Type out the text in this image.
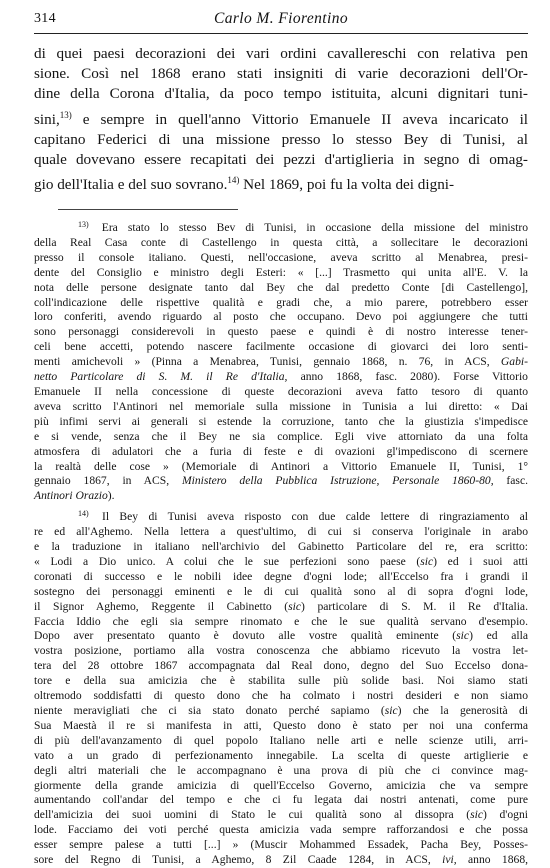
314	Carlo M. Fiorentino
di quei paesi decorazioni dei vari ordini cavallereschi con relativa pen
sione. Così nel 1868 erano stati insigniti di varie decorazioni dell'Or-
dine della Corona d'Italia, da poco tempo istituita, alcuni dignitari tuni-
sini,$^{13)}$ e sempre in quell'anno Vittorio Emanuele II aveva incaricato il
capitano Federici di una missione presso lo stesso Bey di Tunisi, al
quale dovevano essere recapitati dei pezzi d'artiglieria in segno di omag-
gio dell'Italia e del suo sovrano.$^{14)}$ Nel 1869, poi fu la volta dei digni-
$^{13)}$ Era stato lo stesso Bev di Tunisi, in occasione della missione del ministro
della Real Casa conte di Castellengo in questa città, a sollecitare le decorazioni
presso il console italiano. Questi, nell'occasione, aveva scritto al Menabrea, presi-
dente del Consiglio e ministro degli Esteri: « [...] Trasmetto qui unita all'E. V. la
nota delle persone designate tanto dal Bey che dal predetto Conte [di Castellengo],
coll'indicazione delle rispettive qualità e gradi che, a mio parere, potrebbero esser
loro conferiti, avendo riguardo al posto che occupano. Devo poi aggiungere che tutti
sono personaggi considerevoli in questo paese e quindi è di nostro interesse tener-
celi bene accetti, potendo nascere facilmente occasione di giovarci dei loro senti-
menti amichevoli » (Pinna a Menabrea, Tunisi, gennaio 1868, n. 76, in ACS, Gabi-
netto Particolare di S. M. il Re d'Italia, anno 1868, fasc. 2080). Forse Vittorio
Emanuele II nella concessione di queste decorazioni aveva fatto tesoro di quanto
aveva scritto l'Antinori nel memoriale sulla missione in Tunisia a lui diretto: « Dai
più infimi servi ai generali si estende la corruzione, tanto che la giustizia s'impedisce
e si vende, senza che il Bey ne sia complice. Egli vive attorniato da una folta
atmosfera di adulatori che a furia di feste e di ovazioni gl'impediscono di scernere
la realtà delle cose » (Memoriale di Antinori a Vittorio Emanuele II, Tunisi, 1°
gennaio 1867, in ACS, Ministero della Pubblica Istruzione, Personale 1860-80, fasc.
Antinori Orazio).
$^{14)}$ Il Bey di Tunisi aveva risposto con due calde lettere di ringraziamento al
re ed all'Aghemo. Nella lettera a quest'ultimo, di cui si conserva l'originale in arabo
e la traduzione in italiano nell'archivio del Gabinetto Particolare del re, era scritto:
« Lodi a Dio unico. A colui che le sue perfezioni sono paese (sic) ed i suoi atti
coronati di successo e le nobili idee degne d'ogni lode; all'Eccelso fra i grandi il
sostegno dei personaggi eminenti e le di cui qualità sono al di sopra d'ogni lode,
il Signor Aghemo, Reggente il Cabinetto (sic) particolare di S. M. il Re d'Italia.
Faccia Iddio che egli sia sempre rinomato e che le sue qualità servano d'esempio.
Dopo aver presentato quanto è dovuto alle vostre qualità eminente (sic) ed alla
vostra posizione, portiamo alla vostra conoscenza che abbiamo ricevuto la vostra let-
tera del 28 ottobre 1867 accompagnata dal Real dono, degno del Suo Eccelso dona-
tore e della sua amicizia che è stabilita sulle più solide basi. Noi siamo stati
oltremodo soddisfatti di questo dono che ha colmato i nostri desideri e non siamo
niente meravigliati che ci sia stato donato perché sapiamo (sic) che la generosità di
Sua Maestà il re si manifesta in atti, Questo dono è stato per noi una conferma
di più dell'avanzamento di quel popolo Italiano nelle arti e nelle scienze utili, arri-
vato a un grado di perfezionamento innegabile. La scelta di queste artiglierie e
degli altri materiali che le accompagnano è una prova di più che ci convince mag-
giormente della grande amicizia di quell'Eccelso Governo, amicizia che va sempre
aumentando coll'andar del tempo e che ci fu legata dai nostri antenati, come pure
dell'amicizia dei suoi uomini di Stato le cui qualità sono al dissopra (sic) d'ogni
lode. Facciamo dei voti perché questa amicizia vada sempre rafforzandosi e che possa
esser sempre palese a tutti [...] » (Muscir Mohammed Essadek, Pacha Bey, Posses-
sore del Regno di Tunisi, a Aghemo, 8 Zil Caade 1284, in ACS, ivi, anno 1868,
